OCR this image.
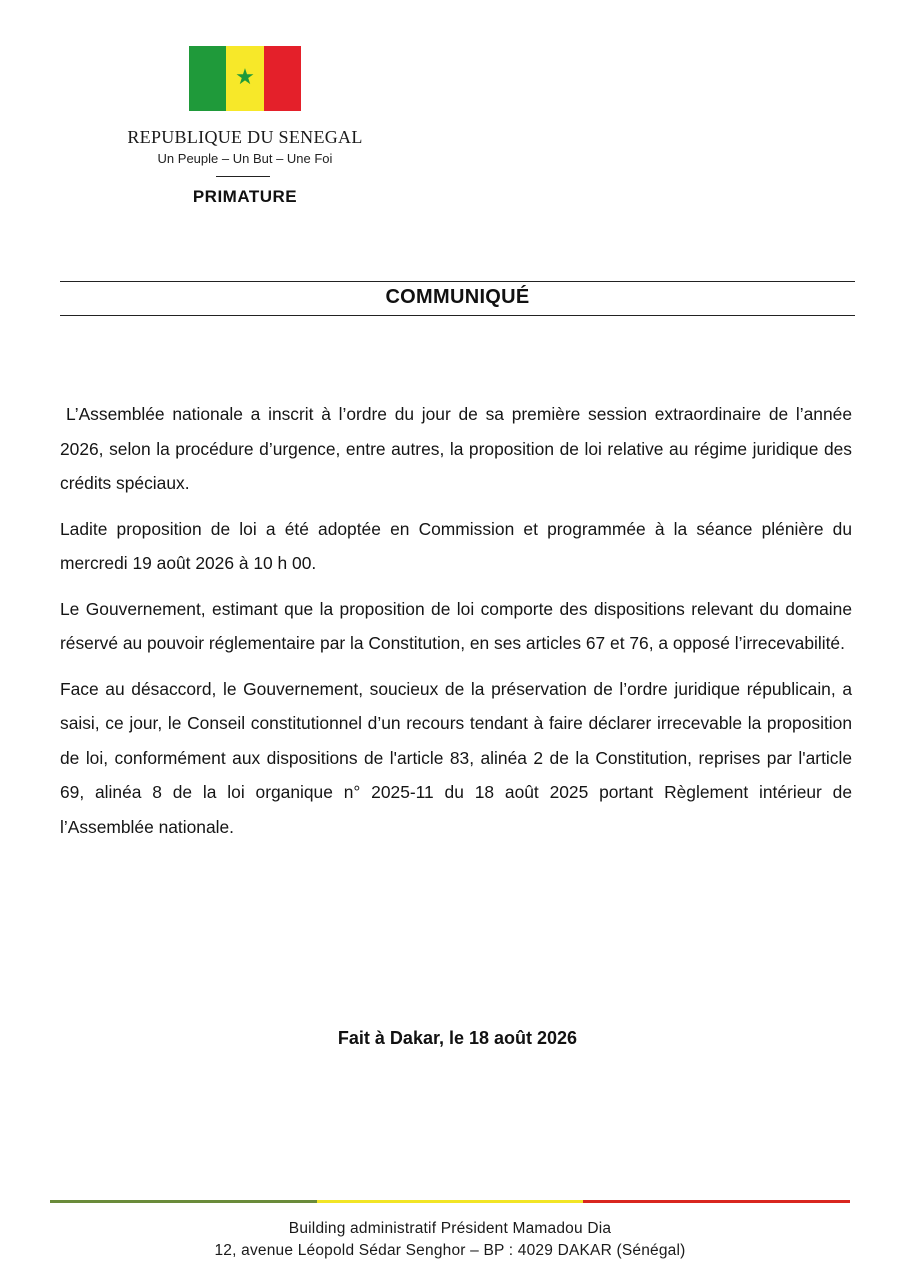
★
REPUBLIQUE DU SENEGAL
Un Peuple – Un But – Une Foi
PRIMATURE
COMMUNIQUÉ

L’Assemblée nationale a inscrit à l’ordre du jour de sa première session extraordinaire de l’année 2026, selon la procédure d’urgence, entre autres, la proposition de loi relative au régime juridique des crédits spéciaux.

Ladite proposition de loi a été adoptée en Commission et programmée à la séance plénière du mercredi 19 août 2026 à 10 h 00.

Le Gouvernement, estimant que la proposition de loi comporte des dispositions relevant du domaine réservé au pouvoir réglementaire par la Constitution, en ses articles 67 et 76, a opposé l’irrecevabilité.

Face au désaccord, le Gouvernement, soucieux de la préservation de l’ordre juridique républicain, a saisi, ce jour, le Conseil constitutionnel d’un recours tendant à faire déclarer irrecevable la proposition de loi, conformément aux dispositions de l'article 83, alinéa 2 de la Constitution, reprises par l'article 69, alinéa 8 de la loi organique n° 2025-11 du 18 août 2025 portant Règlement intérieur de l’Assemblée nationale.

Fait à Dakar, le 18 août 2026
Building administratif Président Mamadou Dia
12, avenue Léopold Sédar Senghor – BP : 4029 DAKAR (Sénégal)
